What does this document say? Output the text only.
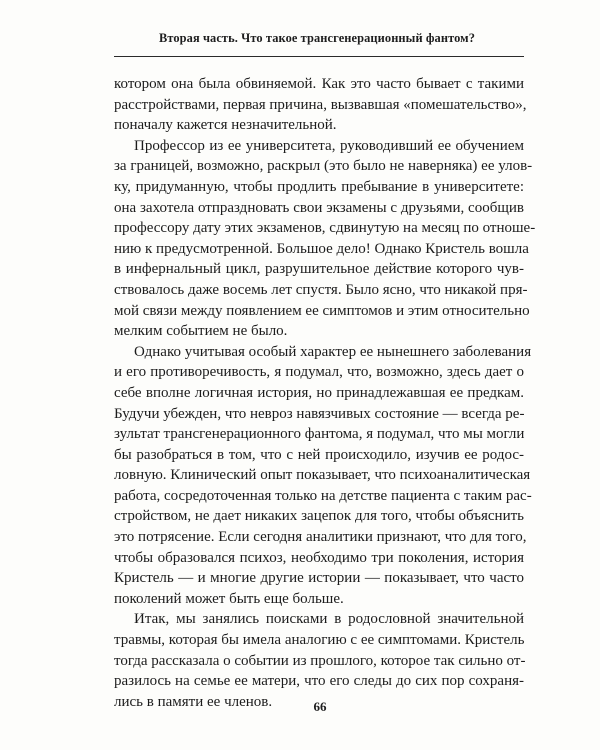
Вторая часть. Что такое трансгенерационный фантом?

котором она была обвиняемой. Как это часто бывает с такими
расстройствами, первая причина, вызвавшая «помешательство»,
поначалу кажется незначительной.

Профессор из ее университета, руководивший ее обучением
за границей, возможно, раскрыл (это было не наверняка) ее улов-
ку, придуманную, чтобы продлить пребывание в университете:
она захотела отпраздновать свои экзамены с друзьями, сообщив
профессору дату этих экзаменов, сдвинутую на месяц по отноше-
нию к предусмотренной. Большое дело! Однако Кристель вошла
в инфернальный цикл, разрушительное действие которого чув-
ствовалось даже восемь лет спустя. Было ясно, что никакой пря-
мой связи между появлением ее симптомов и этим относительно
мелким событием не было.

Однако учитывая особый характер ее нынешнего заболевания
и его противоречивость, я подумал, что, возможно, здесь дает о
себе вполне логичная история, но принадлежавшая ее предкам.
Будучи убежден, что невроз навязчивых состояние — всегда ре-
зультат трансгенерационного фантома, я подумал, что мы могли
бы разобраться в том, что с ней происходило, изучив ее родос-
ловную. Клинический опыт показывает, что психоаналитическая
работа, сосредоточенная только на детстве пациента с таким рас-
стройством, не дает никаких зацепок для того, чтобы объяснить
это потрясение. Если сегодня аналитики признают, что для того,
чтобы образовался психоз, необходимо три поколения, история
Кристель — и многие другие истории — показывает, что часто
поколений может быть еще больше.

Итак, мы занялись поисками в родословной значительной
травмы, которая бы имела аналогию с ее симптомами. Кристель
тогда рассказала о событии из прошлого, которое так сильно от-
разилось на семье ее матери, что его следы до сих пор сохраня-
лись в памяти ее членов.	66
